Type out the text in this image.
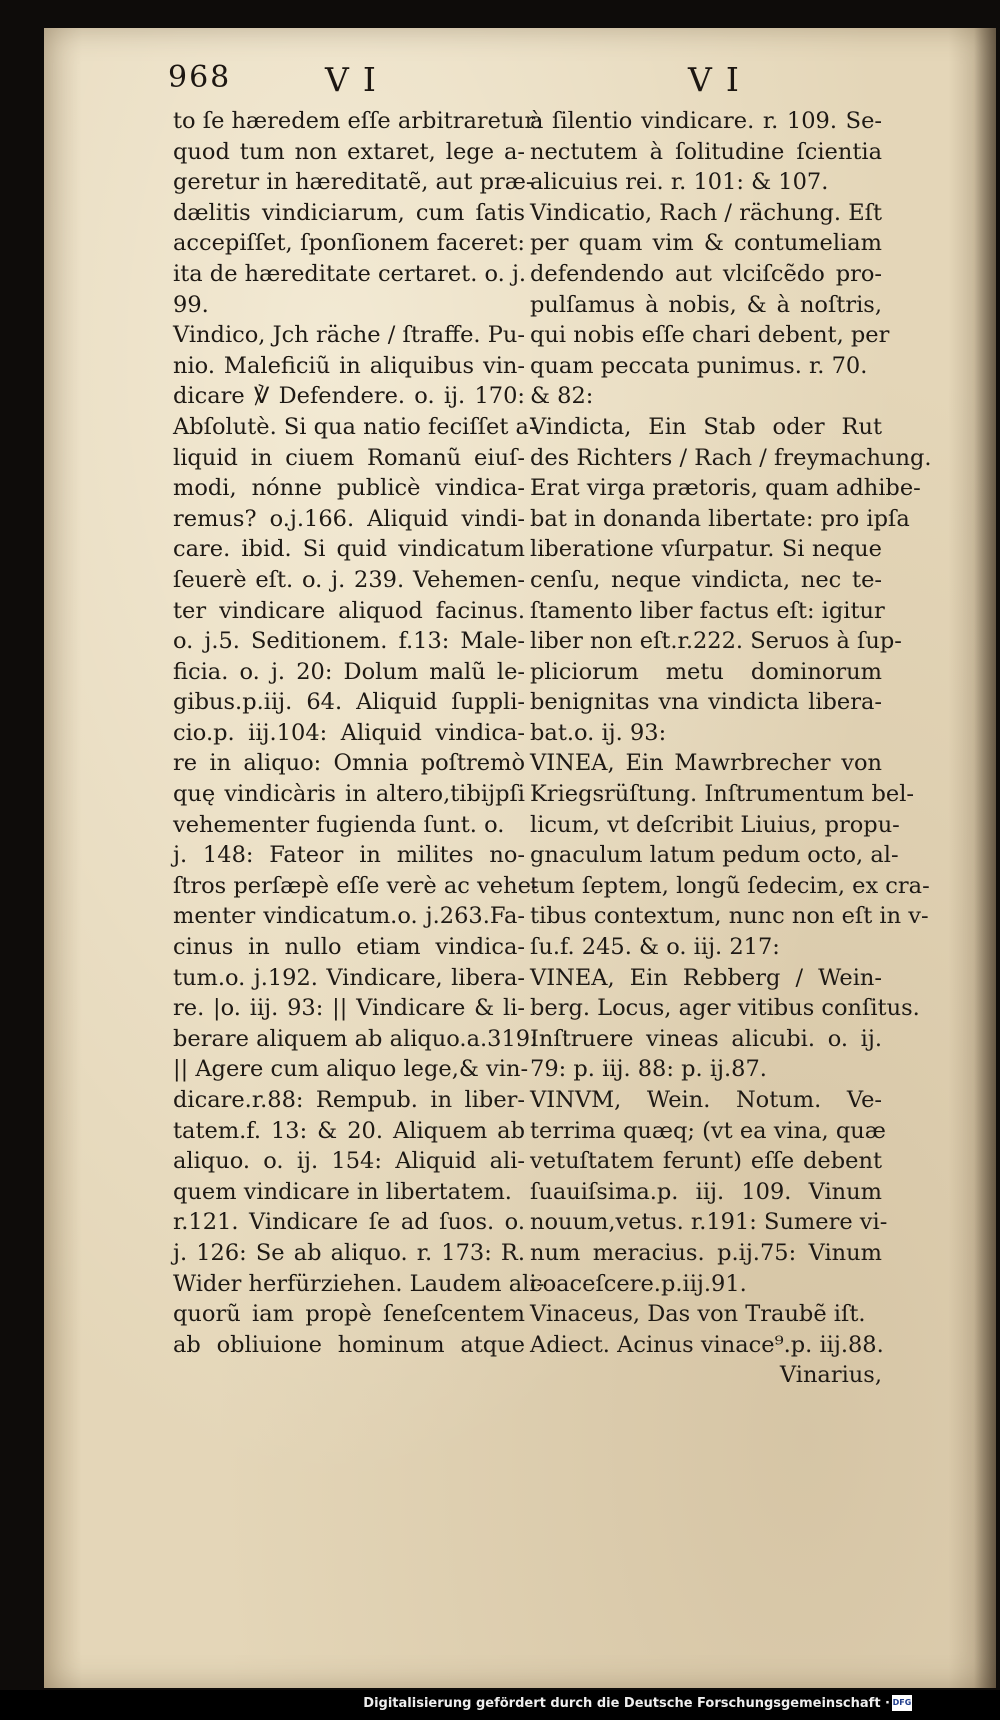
968	VI	VI
to ſe hæredem eſſe arbitraretur:
quod tum non extaret, lege a-
geretur in hæreditatẽ, aut præ-
dælitis vindiciarum, cum ſatis
accepiſſet, ſponſionem faceret:
ita de hæreditate certaret. o. j.
99.
Vindico, Jch räche / ſtraffe. Pu-
nio. Maleficiũ in aliquibus vin-
dicare ℣ Defendere. o. ij. 170:
Abſolutè. Si qua natio feciſſet a-
liquid in ciuem Romanũ eiuſ-
modi, nónne publicè vindica-
remus? o.j.166. Aliquid vindi-
care. ibid. Si quid vindicatum
ſeuerè eſt. o. j. 239. Vehemen-
ter vindicare aliquod facinus.
o. j.5. Seditionem. f.13: Male-
ficia. o. j. 20: Dolum malũ le-
gibus.p.iij. 64. Aliquid ſuppli-
cio.p. iij.104: Aliquid vindica-
re in aliquo: Omnia poſtremò
quę vindicàris in altero,tibijpſi
vehementer fugienda ſunt. o.
j. 148: Fateor in milites no-
ſtros perſæpè eſſe verè ac vehe-
menter vindicatum.o. j.263.Fa-
cinus in nullo etiam vindica-
tum.o. j.192. Vindicare, libera-
re. |o. iij. 93: || Vindicare & li-
berare aliquem ab aliquo.a.319:
|| Agere cum aliquo lege,& vin-
dicare.r.88: Rempub. in liber-
tatem.f. 13: & 20. Aliquem ab
aliquo. o. ij. 154: Aliquid ali-
quem vindicare in libertatem.
r.121. Vindicare ſe ad ſuos. o.
j. 126: Se ab aliquo. r. 173: R.
Wider herfürziehen. Laudem ali-
quorũ iam propè ſeneſcentem
ab obliuione hominum atque
à ſilentio vindicare. r. 109. Se-
nectutem à ſolitudine ſcientia
alicuius rei. r. 101: & 107.
Vindicatio, Rach / rächung. Eſt
per quam vim & contumeliam
defendendo aut vlciſcẽdo pro-
pulſamus à nobis, & à noſtris,
qui nobis eſſe chari debent, per
quam peccata punimus. r. 70.
& 82:
Vindicta, Ein Stab oder Rut
des Richters / Rach / freymachung.
Erat virga prætoris, quam adhibe-
bat in donanda libertate: pro ipſa
liberatione vſurpatur. Si neque
cenſu, neque vindicta, nec te-
ſtamento liber factus eſt: igitur
liber non eſt.r.222. Seruos à ſup-
pliciorum metu dominorum
benignitas vna vindicta libera-
bat.o. ij. 93:
VINEA, Ein Mawrbrecher von
Kriegsrüſtung. Inſtrumentum bel-
licum, vt deſcribit Liuius, propu-
gnaculum latum pedum octo, al-
tum ſeptem, longũ ſedecim, ex cra-
tibus contextum, nunc non eſt in v-
ſu.f. 245. & o. iij. 217:
VINEA, Ein Rebberg / Wein-
berg. Locus, ager vitibus conſitus.
Inſtruere vineas alicubi. o. ij.
79: p. iij. 88: p. ij.87.
VINVM, Wein. Notum. Ve-
terrima quæq; (vt ea vina, quæ
vetuſtatem ferunt) eſſe debent
ſuauiſsima.p. iij. 109. Vinum
nouum,vetus. r.191: Sumere vi-
num meracius. p.ij.75: Vinum
coaceſcere.p.iij.91.
Vinaceus, Das von Traubẽ iſt.
Adiect. Acinus vinace⁹.p. iij.88.
Vinarius,
Digitalisierung gefördert durch die Deutsche Forschungsgemeinschaft · DFG
